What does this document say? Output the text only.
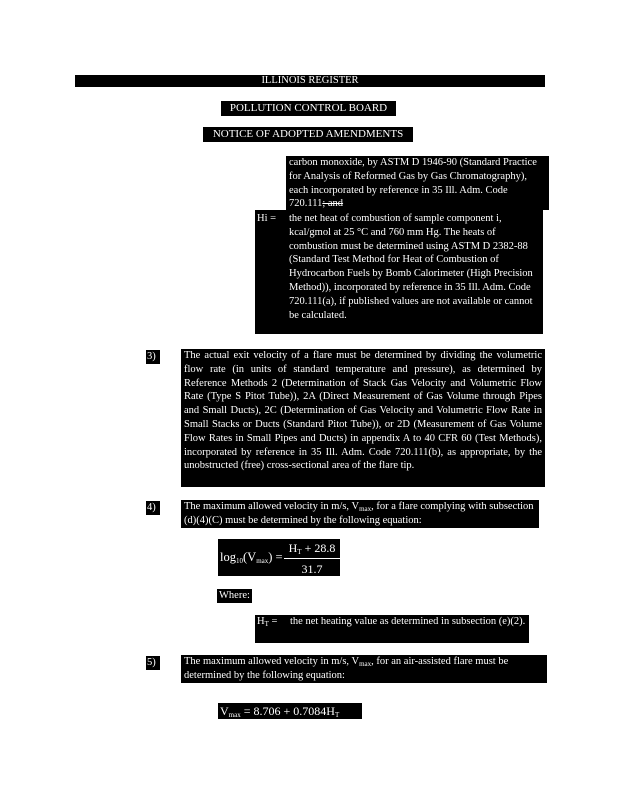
ILLINOIS REGISTER
POLLUTION CONTROL BOARD
NOTICE OF ADOPTED AMENDMENTS
carbon monoxide, by ASTM D 1946-90 (Standard Practice for Analysis of Reformed Gas by Gas Chromatography), each incorporated by reference in 35 Ill. Adm. Code 720.111; and
Hi = the net heat of combustion of sample component i, kcal/gmol at 25 °C and 760 mm Hg. The heats of combustion must be determined using ASTM D 2382-88 (Standard Test Method for Heat of Combustion of Hydrocarbon Fuels by Bomb Calorimeter (High Precision Method)), incorporated by reference in 35 Ill. Adm. Code 720.111(a), if published values are not available or cannot be calculated.
3)	The actual exit velocity of a flare must be determined by dividing the volumetric flow rate (in units of standard temperature and pressure), as determined by Reference Methods 2 (Determination of Stack Gas Velocity and Volumetric Flow Rate (Type S Pitot Tube)), 2A (Direct Measurement of Gas Volume through Pipes and Small Ducts), 2C (Determination of Gas Velocity and Volumetric Flow Rate in Small Stacks or Ducts (Standard Pitot Tube)), or 2D (Measurement of Gas Volume Flow Rates in Small Pipes and Ducts) in appendix A to 40 CFR 60 (Test Methods), incorporated by reference in 35 Ill. Adm. Code 720.111(b), as appropriate, by the unobstructed (free) cross-sectional area of the flare tip.
4)	The maximum allowed velocity in m/s, $V_{max}$, for a flare complying with subsection (d)(4)(C) must be determined by the following equation:
$\log_{10}(V_{max})$ =
$H_T + 28.8$
31.7
Where:
$H_T$ = the net heating value as determined in subsection (e)(2).
5)	The maximum allowed velocity in m/s, $V_{max}$, for an air-assisted flare must be determined by the following equation:
$V_{max} = 8.706 + 0.7084H_T$
